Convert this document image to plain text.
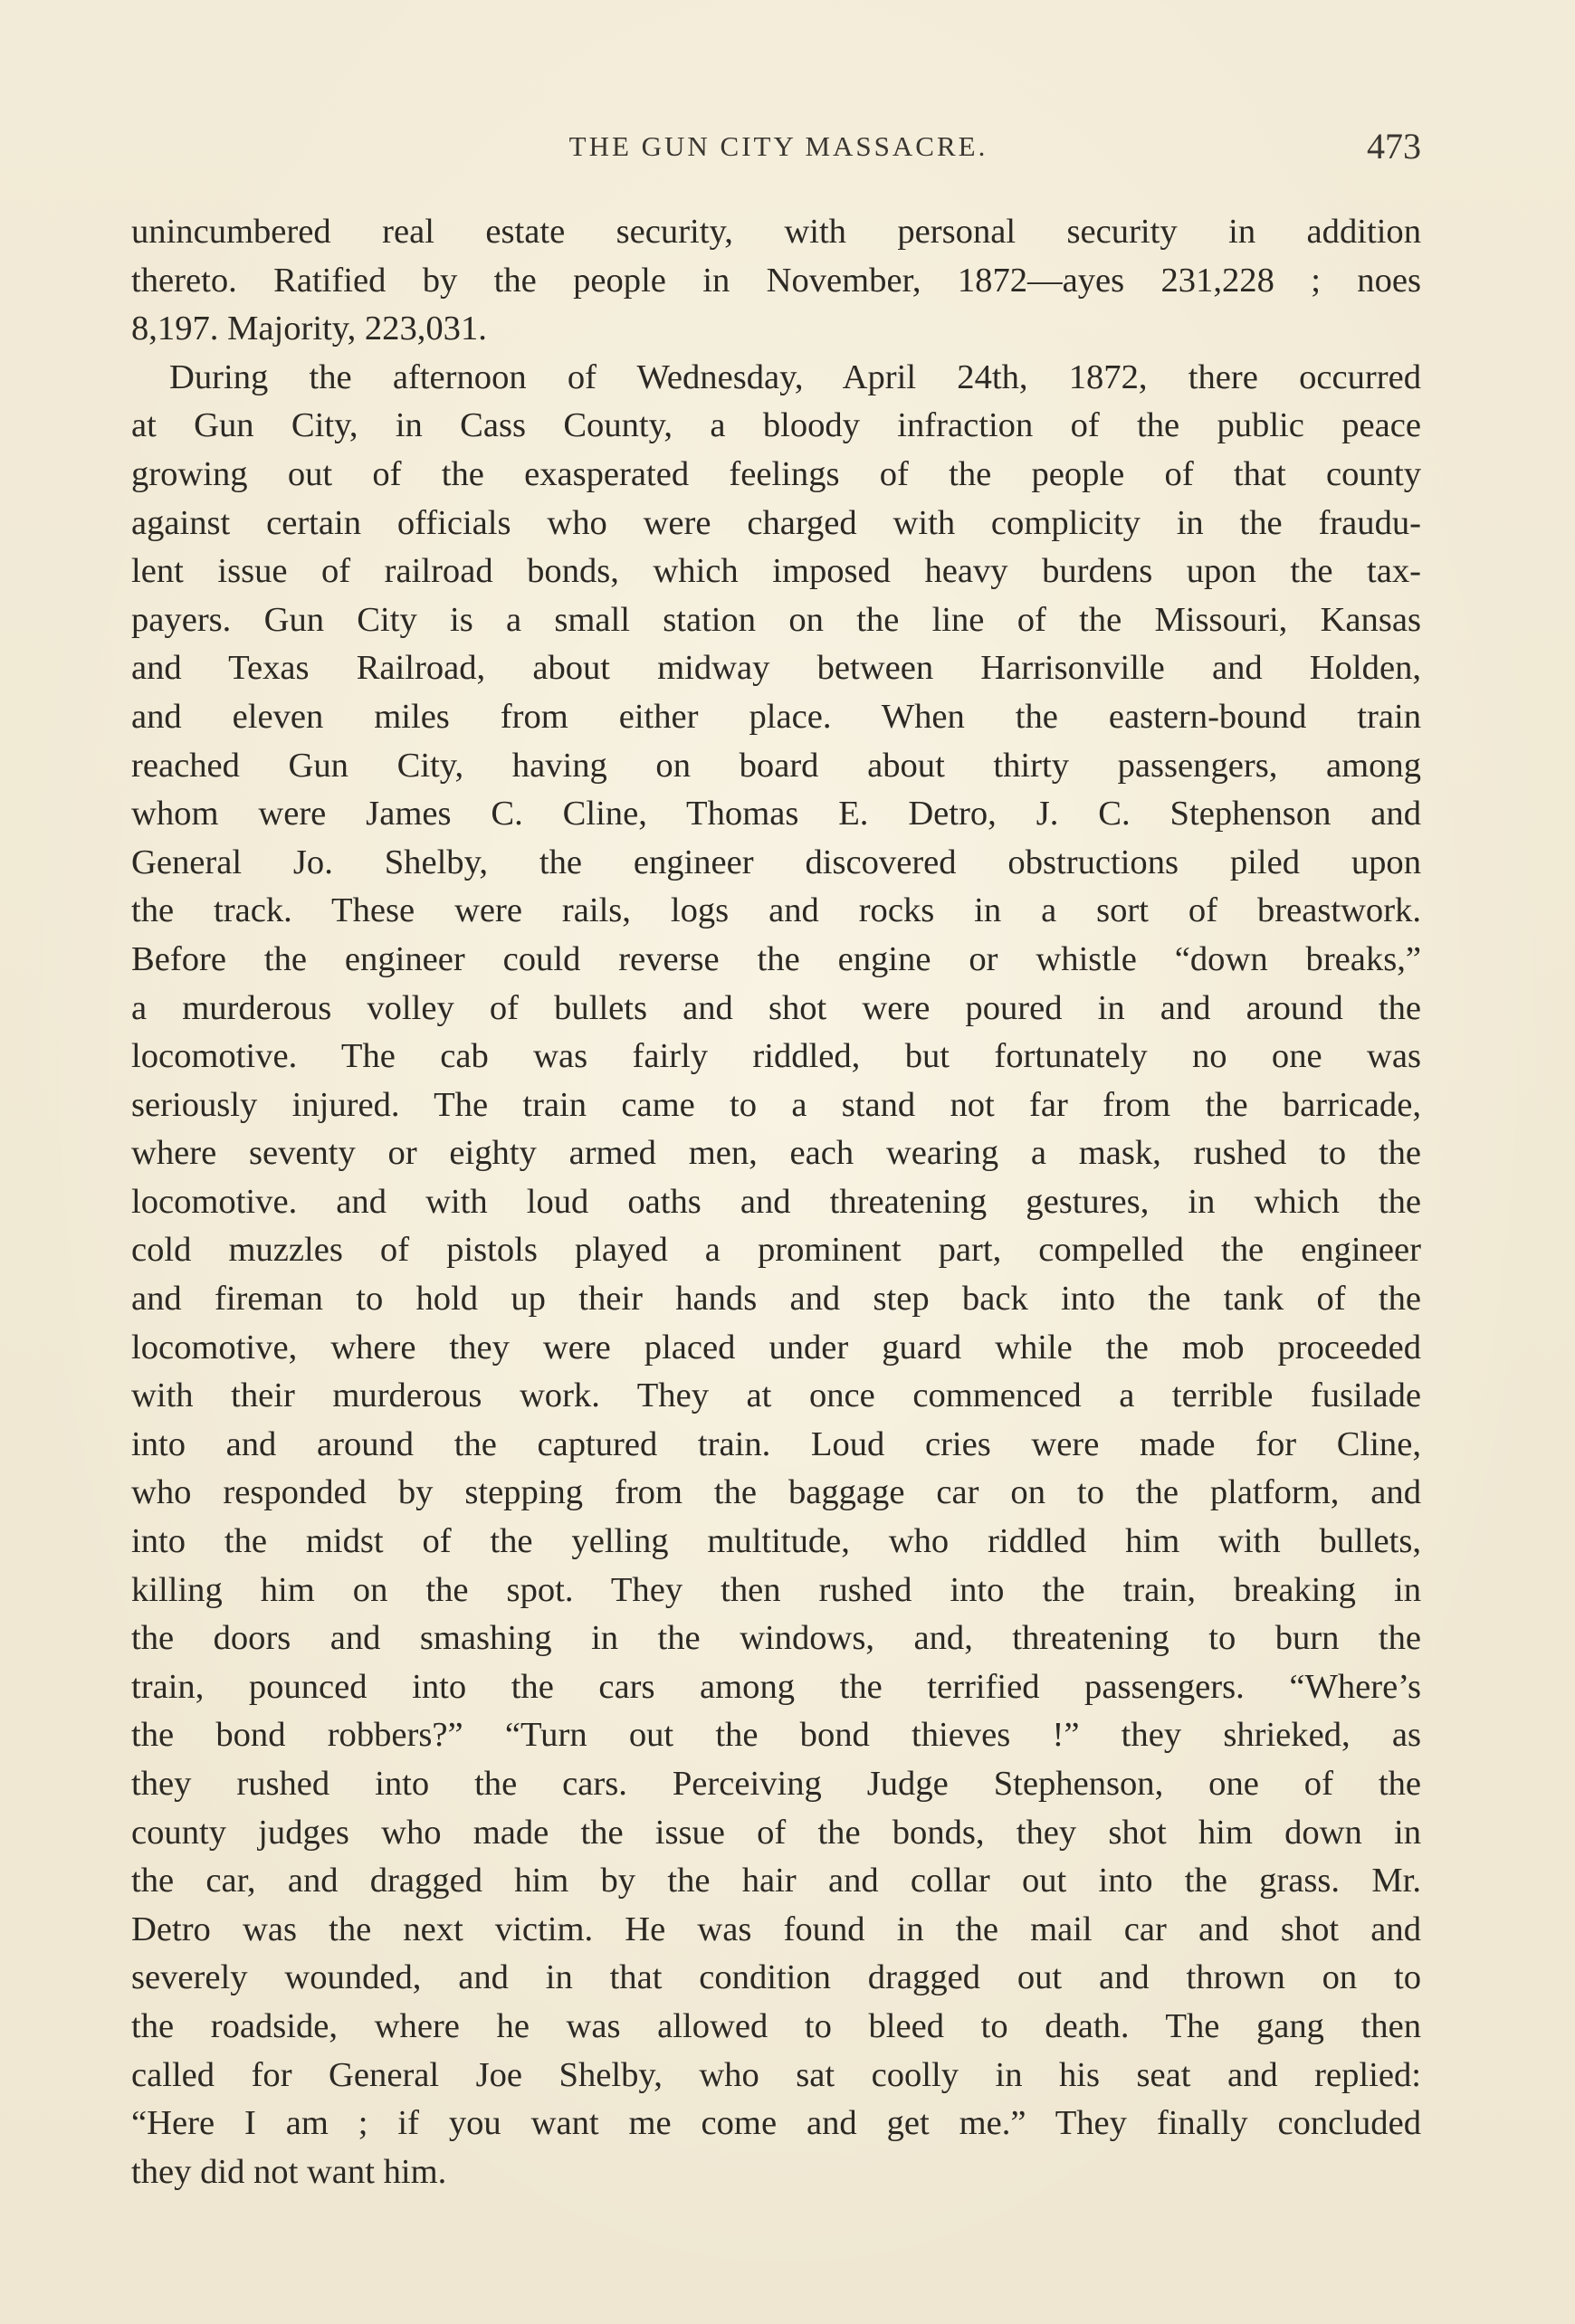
THE GUN CITY MASSACRE.	473
unincumbered real estate security, with personal security in addition
thereto. Ratified by the people in November, 1872—ayes 231,228 ; noes
8,197. Majority, 223,031.
During the afternoon of Wednesday, April 24th, 1872, there occurred
at Gun City, in Cass County, a bloody infraction of the public peace
growing out of the exasperated feelings of the people of that county
against certain officials who were charged with complicity in the fraudu-
lent issue of railroad bonds, which imposed heavy burdens upon the tax-
payers. Gun City is a small station on the line of the Missouri, Kansas
and Texas Railroad, about midway between Harrisonville and Holden,
and eleven miles from either place. When the eastern-bound train
reached Gun City, having on board about thirty passengers, among
whom were James C. Cline, Thomas E. Detro, J. C. Stephenson and
General Jo. Shelby, the engineer discovered obstructions piled upon
the track. These were rails, logs and rocks in a sort of breastwork.
Before the engineer could reverse the engine or whistle “down breaks,”
a murderous volley of bullets and shot were poured in and around the
locomotive. The cab was fairly riddled, but fortunately no one was
seriously injured. The train came to a stand not far from the barricade,
where seventy or eighty armed men, each wearing a mask, rushed to the
locomotive. and with loud oaths and threatening gestures, in which the
cold muzzles of pistols played a prominent part, compelled the engineer
and fireman to hold up their hands and step back into the tank of the
locomotive, where they were placed under guard while the mob proceeded
with their murderous work. They at once commenced a terrible fusilade
into and around the captured train. Loud cries were made for Cline,
who responded by stepping from the baggage car on to the platform, and
into the midst of the yelling multitude, who riddled him with bullets,
killing him on the spot. They then rushed into the train, breaking in
the doors and smashing in the windows, and, threatening to burn the
train, pounced into the cars among the terrified passengers. “Where’s
the bond robbers?” “Turn out the bond thieves !” they shrieked, as
they rushed into the cars. Perceiving Judge Stephenson, one of the
county judges who made the issue of the bonds, they shot him down in
the car, and dragged him by the hair and collar out into the grass. Mr.
Detro was the next victim. He was found in the mail car and shot and
severely wounded, and in that condition dragged out and thrown on to
the roadside, where he was allowed to bleed to death. The gang then
called for General Joe Shelby, who sat coolly in his seat and replied:
“Here I am ; if you want me come and get me.” They finally concluded
they did not want him.
